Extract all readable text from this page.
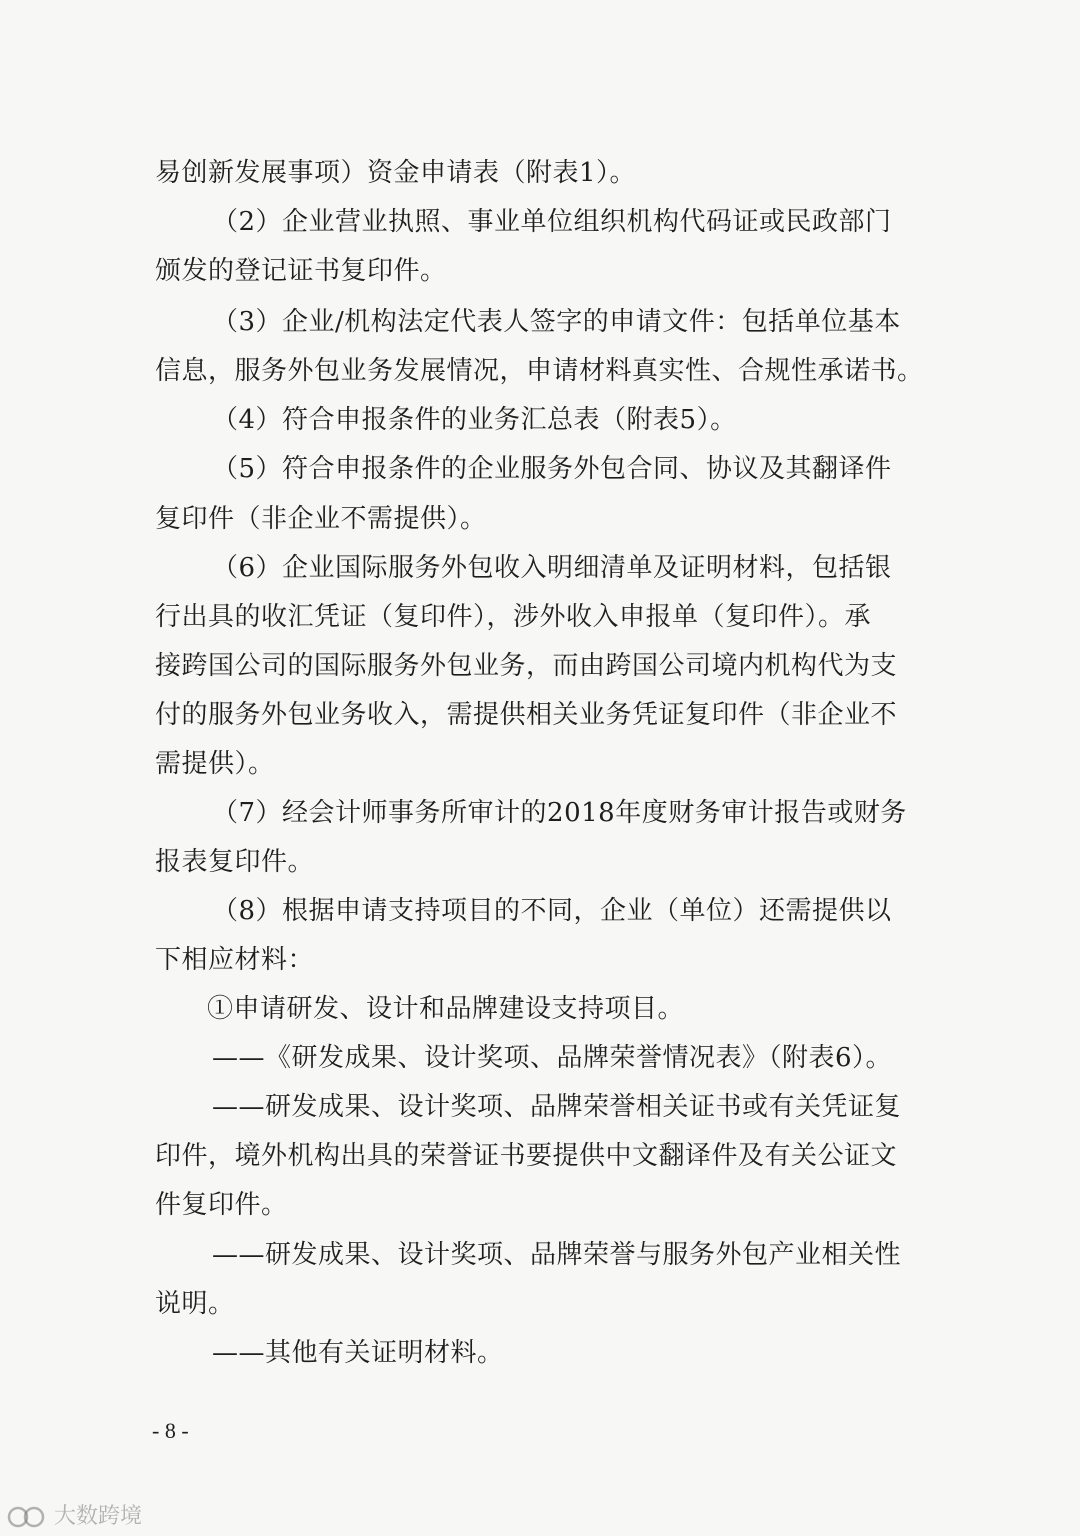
易创新发展事项）资金申请表（附表1）。
（2）企业营业执照、事业单位组织机构代码证或民政部门
颁发的登记证书复印件。
（3）企业/机构法定代表人签字的申请文件：包括单位基本
信息，服务外包业务发展情况，申请材料真实性、合规性承诺书。
（4）符合申报条件的业务汇总表（附表5）。
（5）符合申报条件的企业服务外包合同、协议及其翻译件
复印件（非企业不需提供）。
（6）企业国际服务外包收入明细清单及证明材料，包括银
行出具的收汇凭证（复印件），涉外收入申报单（复印件）。承
接跨国公司的国际服务外包业务，而由跨国公司境内机构代为支
付的服务外包业务收入，需提供相关业务凭证复印件（非企业不
需提供）。
（7）经会计师事务所审计的2018年度财务审计报告或财务
报表复印件。
（8）根据申请支持项目的不同，企业（单位）还需提供以
下相应材料：
①申请研发、设计和品牌建设支持项目。
——《研发成果、设计奖项、品牌荣誉情况表》（附表6）。
——研发成果、设计奖项、品牌荣誉相关证书或有关凭证复
印件，境外机构出具的荣誉证书要提供中文翻译件及有关公证文
件复印件。
——研发成果、设计奖项、品牌荣誉与服务外包产业相关性
说明。
——其他有关证明材料。
- 8 -
大数跨境
